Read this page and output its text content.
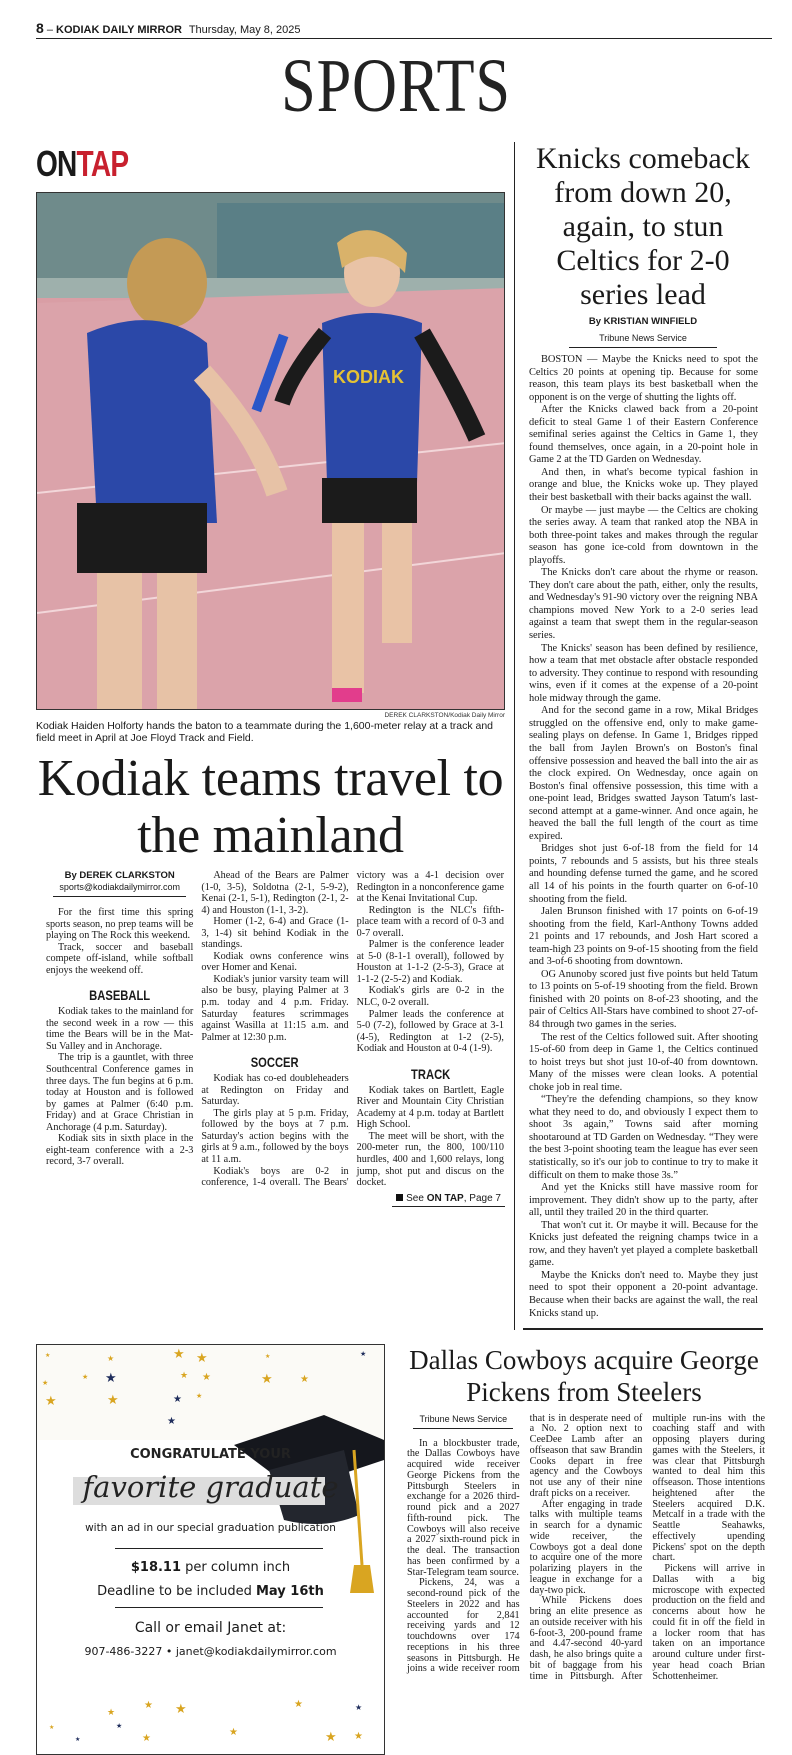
8 – KODIAK DAILY MIRROR Thursday, May 8, 2025
SPORTS
ONTAP
KODIAK
DEREK CLARKSTON/Kodiak Daily Mirror
Kodiak Haiden Holforty hands the baton to a teammate during the 1,600-meter relay at a track and field meet in April at Joe Floyd Track and Field.
Kodiak teams travel to the mainland
By DEREK CLARKSTON
sports@kodiakdailymirror.com

For the first time this spring sports season, no prep teams will be playing on The Rock this weekend.

Track, soccer and baseball compete off-island, while softball enjoys the weekend off.

BASEBALL

Kodiak takes to the mainland for the second week in a row — this time the Bears will be in the Mat-Su Valley and in Anchorage.

The trip is a gauntlet, with three Southcentral Conference games in three days. The fun begins at 6 p.m. today at Houston and is followed by games at Palmer (6:40 p.m. Friday) and at Grace Christian in Anchorage (4 p.m. Saturday).

Kodiak sits in sixth place in the eight-team conference with a 2-3 record, 3-7 overall.

Ahead of the Bears are Palmer (1-0, 3-5), Soldotna (2-1, 5-9-2), Kenai (2-1, 5-1), Redington (2-1, 2-4) and Houston (1-1, 3-2).

Homer (1-2, 6-4) and Grace (1-3, 1-4) sit behind Kodiak in the standings.

Kodiak owns conference wins over Homer and Kenai.

Kodiak's junior varsity team will also be busy, playing Palmer at 3 p.m. today and 4 p.m. Friday. Saturday features scrimmages against Wasilla at 11:15 a.m. and Palmer at 12:30 p.m.

SOCCER

Kodiak has co-ed doubleheaders at Redington on Friday and Saturday.

The girls play at 5 p.m. Friday, followed by the boys at 7 p.m. Saturday's action begins with the girls at 9 a.m., followed by the boys at 11 a.m.

Kodiak's boys are 0-2 in conference, 1-4 overall. The Bears' victory was a 4-1 decision over Redington in a nonconference game at the Kenai Invitational Cup.

Redington is the NLC's fifth-place team with a record of 0-3 and 0-7 overall.

Palmer is the conference leader at 5-0 (8-1-1 overall), followed by Houston at 1-1-2 (2-5-3), Grace at 1-1-2 (2-5-2) and Kodiak.

Kodiak's girls are 0-2 in the NLC, 0-2 overall.

Palmer leads the conference at 5-0 (7-2), followed by Grace at 3-1 (4-5), Redington at 1-2 (2-5), Kodiak and Houston at 0-4 (1-9).

TRACK

Kodiak takes on Bartlett, Eagle River and Mountain City Christian Academy at 4 p.m. today at Bartlett High School.

The meet will be short, with the 200-meter run, the 800, 100/110 hurdles, 400 and 1,600 relays, long jump, shot put and discus on the docket.

See ON TAP, Page 7
Knicks comeback from down 20, again, to stun Celtics for 2-0 series lead
By KRISTIAN WINFIELD
Tribune News Service

BOSTON — Maybe the Knicks need to spot the Celtics 20 points at opening tip. Because for some reason, this team plays its best basketball when the opponent is on the verge of shutting the lights off.

After the Knicks clawed back from a 20-point deficit to steal Game 1 of their Eastern Conference semifinal series against the Celtics in Game 1, they found themselves, once again, in a 20-point hole in Game 2 at the TD Garden on Wednesday.

And then, in what's become typical fashion in orange and blue, the Knicks woke up. They played their best basketball with their backs against the wall.

Or maybe — just maybe — the Celtics are choking the series away. A team that ranked atop the NBA in both three-point takes and makes through the regular season has gone ice-cold from downtown in the playoffs.

The Knicks don't care about the rhyme or reason. They don't care about the path, either, only the results, and Wednesday's 91-90 victory over the reigning NBA champions moved New York to a 2-0 series lead against a team that swept them in the regular-season series.

The Knicks' season has been defined by resilience, how a team that met obstacle after obstacle responded to adversity. They continue to respond with resounding wins, even if it comes at the expense of a 20-point hole midway through the game.

And for the second game in a row, Mikal Bridges struggled on the offensive end, only to make game-sealing plays on defense. In Game 1, Bridges ripped the ball from Jaylen Brown's on Boston's final offensive possession and heaved the ball into the air as the clock expired. On Wednesday, once again on Boston's final offensive possession, this time with a one-point lead, Bridges swatted Jayson Tatum's last-second attempt at a game-winner. And once again, he heaved the ball the full length of the court as time expired.

Bridges shot just 6-of-18 from the field for 14 points, 7 rebounds and 5 assists, but his three steals and hounding defense turned the game, and he scored all 14 of his points in the fourth quarter on 6-of-10 shooting from the field.

Jalen Brunson finished with 17 points on 6-of-19 shooting from the field, Karl-Anthony Towns added 21 points and 17 rebounds, and Josh Hart scored a team-high 23 points on 9-of-15 shooting from the field and 3-of-6 shooting from downtown.

OG Anunoby scored just five points but held Tatum to 13 points on 5-of-19 shooting from the field. Brown finished with 20 points on 8-of-23 shooting, and the pair of Celtics All-Stars have combined to shoot 27-of-84 through two games in the series.

The rest of the Celtics followed suit. After shooting 15-of-60 from deep in Game 1, the Celtics continued to hoist treys but shot just 10-of-40 from downtown. Many of the misses were clean looks. A potential choke job in real time.

“They're the defending champions, so they know what they need to do, and obviously I expect them to shoot 3s again,” Towns said after morning shootaround at TD Garden on Wednesday. “They were the best 3-point shooting team the league has ever seen statistically, so it's our job to continue to try to make it difficult on them to make those 3s.”

And yet the Knicks still have massive room for improvement. They didn't show up to the party, after all, until they trailed 20 in the third quarter.

That won't cut it. Or maybe it will. Because for the Knicks just defeated the reigning champs twice in a row, and they haven't yet played a complete basketball game.

Maybe the Knicks don't need to. Maybe they just need to spot their opponent a 20-point advantage. Because when their backs are against the wall, the real Knicks stand up.

★	★	★ ★	★	★
★
★ ★	★ ★	★	★
★	★	★ ★
★
CONGRATULATE YOUR
favorite graduate
with an ad in our special graduation publication
$18.11 per column inch
Deadline to be included May 16th
Call or email Janet at:
907-486-3227 • janet@kodiakdailymirror.com
★
★ ★	★	★
★
★
★
★
★	★ ★
Dallas Cowboys acquire George Pickens from Steelers
Tribune News Service

In a blockbuster trade, the Dallas Cowboys have acquired wide receiver George Pickens from the Pittsburgh Steelers in exchange for a 2026 third-round pick and a 2027 fifth-round pick. The Cowboys will also receive a 2027 sixth-round pick in the deal. The transaction has been confirmed by a Star-Telegram team source.

Pickens, 24, was a second-round pick of the Steelers in 2022 and has accounted for 2,841 receiving yards and 12 touchdowns over 174 receptions in his three seasons in Pittsburgh. He joins a wide receiver room that is in desperate need of a No. 2 option next to CeeDee Lamb after an offseason that saw Brandin Cooks depart in free agency and the Cowboys not use any of their nine draft picks on a receiver.

After engaging in trade talks with multiple teams in search for a dynamic wide receiver, the Cowboys got a deal done to acquire one of the more polarizing players in the league in exchange for a day-two pick.

While Pickens does bring an elite presence as an outside receiver with his 6-foot-3, 200-pound frame and 4.47-second 40-yard dash, he also brings quite a bit of baggage from his time in Pittsburgh. After multiple run-ins with the coaching staff and with opposing players during games with the Steelers, it was clear that Pittsburgh wanted to deal him this offseason. Those intentions heightened after the Steelers acquired D.K. Metcalf in a trade with the Seattle Seahawks, effectively upending Pickens' spot on the depth chart.

Pickens will arrive in Dallas with a big microscope with expected production on the field and concerns about how he could fit in off the field in a locker room that has taken on an importance around culture under first-year head coach Brian Schottenheimer.
